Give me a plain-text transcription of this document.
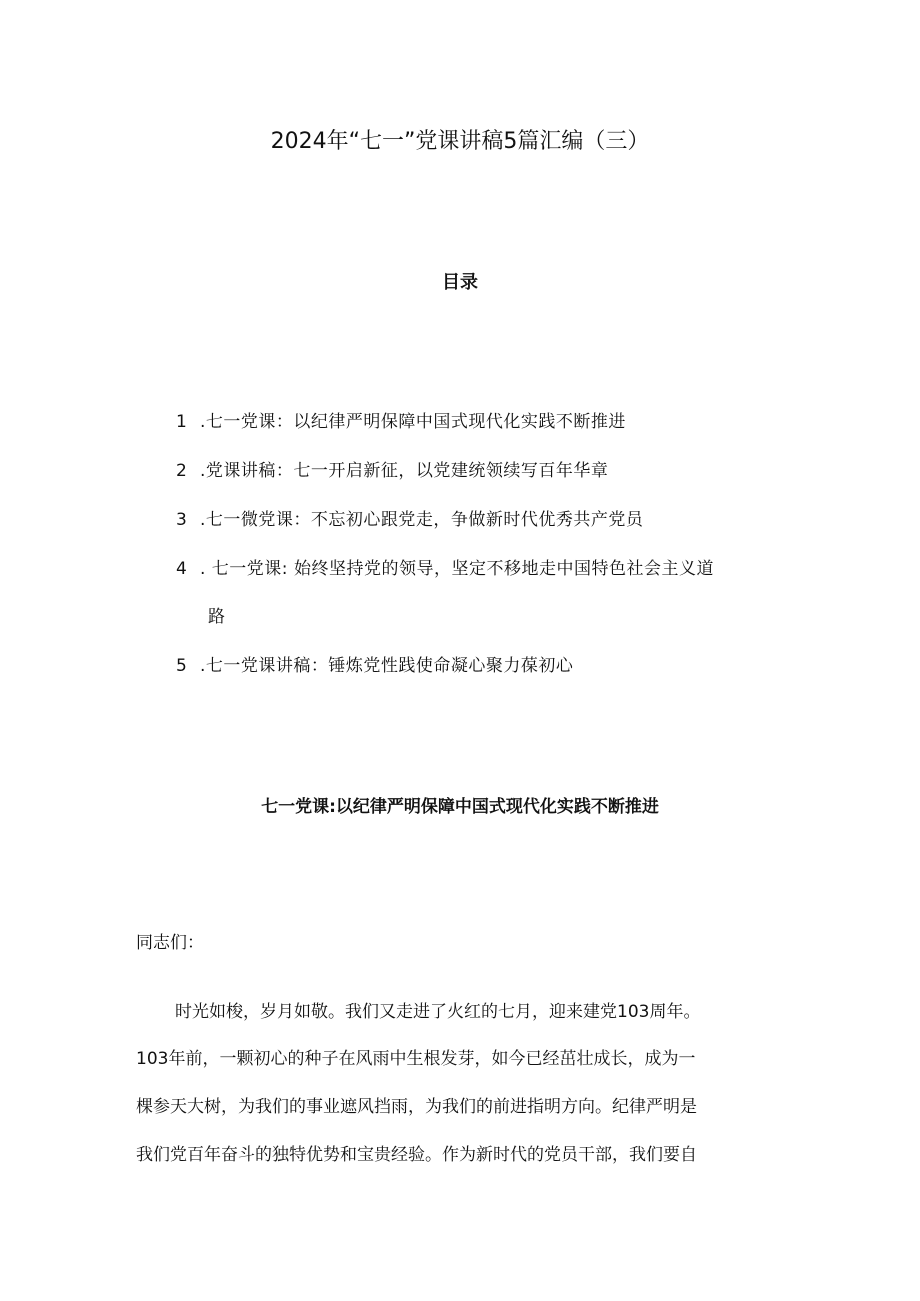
2024年“七一”党课讲稿5篇汇编（三）
目录
1 .七一党课：以纪律严明保障中国式现代化实践不断推进
2 .党课讲稿：七一开启新征，以党建统领续写百年华章
3 .七一微党课：不忘初心跟党走，争做新时代优秀共产党员
4 . 七一党课: 始终坚持党的领导，坚定不移地走中国特色社会主义道
路
5 .七一党课讲稿：锤炼党性践使命凝心聚力葆初心
七一党课:以纪律严明保障中国式现代化实践不断推进
同志们：
时光如梭，岁月如敬。我们又走进了火红的七月，迎来建党103周年。
103年前，一颗初心的种子在风雨中生根发芽，如今已经茁壮成长，成为一
棵参天大树，为我们的事业遮风挡雨，为我们的前进指明方向。纪律严明是
我们党百年奋斗的独特优势和宝贵经验。作为新时代的党员干部，我们要自
